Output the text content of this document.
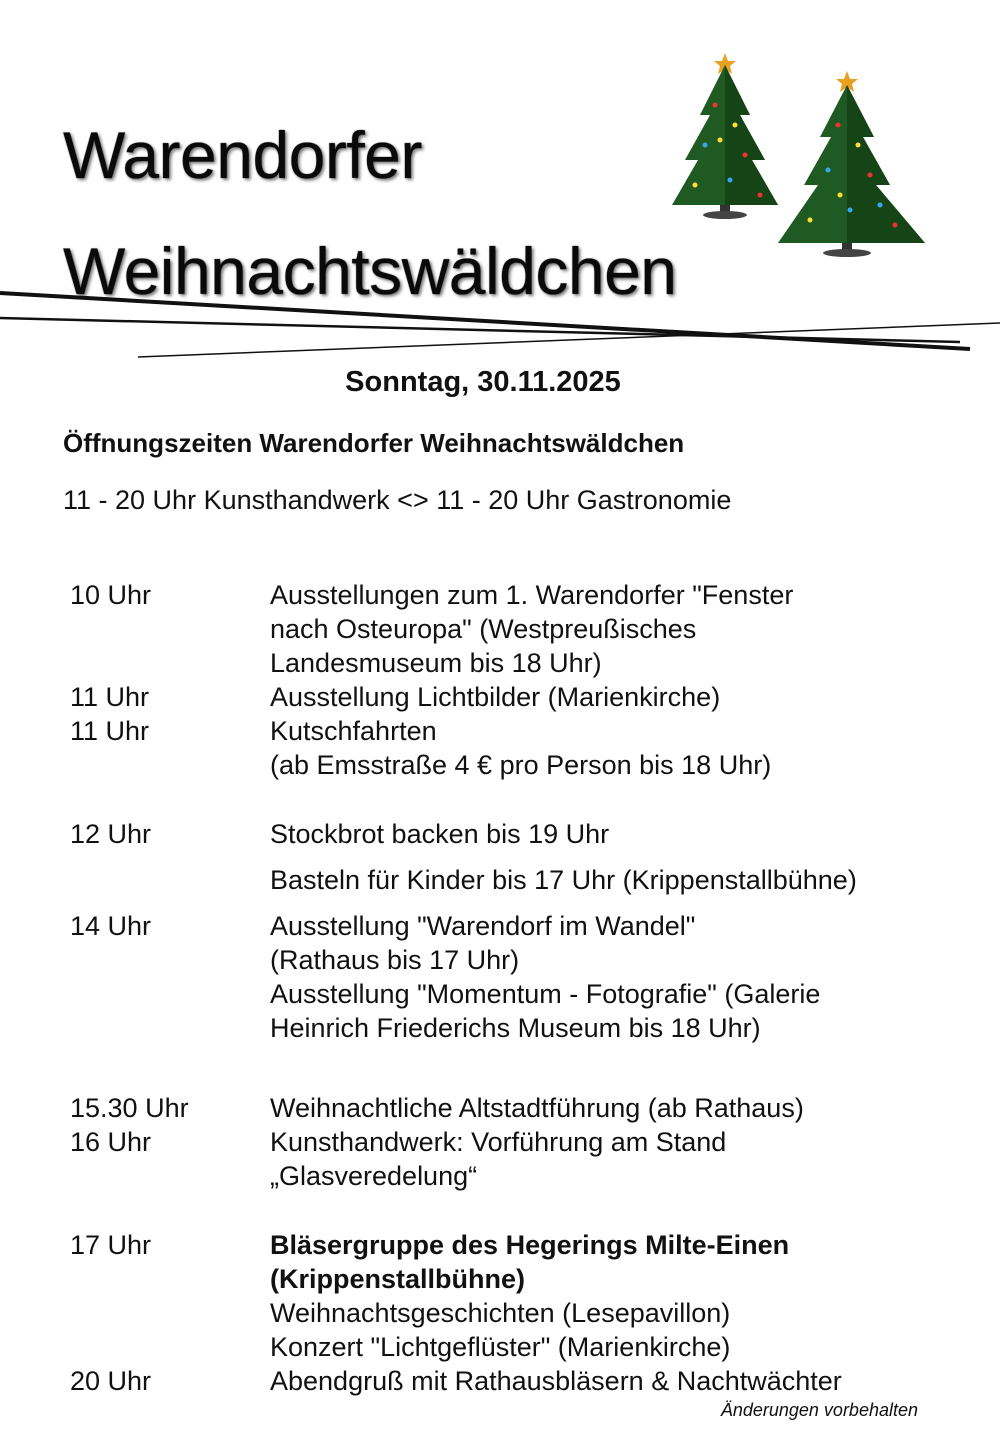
Warendorfer
Weihnachtswäldchen
Sonntag, 30.11.2025
Öffnungszeiten Warendorfer Weihnachtswäldchen
11 - 20 Uhr Kunsthandwerk <> 11 - 20 Uhr Gastronomie
10 Uhr	Ausstellungen zum 1. Warendorfer "Fenster
nach Osteuropa" (Westpreußisches
Landesmuseum bis 18 Uhr)
11 Uhr	Ausstellung Lichtbilder (Marienkirche)
11 Uhr	Kutschfahrten
(ab Emsstraße 4 € pro Person bis 18 Uhr)
12 Uhr	Stockbrot backen bis 19 Uhr
Basteln für Kinder bis 17 Uhr (Krippenstallbühne)
14 Uhr	Ausstellung "Warendorf im Wandel"
(Rathaus bis 17 Uhr)
Ausstellung "Momentum - Fotografie" (Galerie
Heinrich Friederichs Museum bis 18 Uhr)
15.30 Uhr	Weihnachtliche Altstadtführung (ab Rathaus)
16 Uhr	Kunsthandwerk: Vorführung am Stand
„Glasveredelung“
17 Uhr	Bläsergruppe des Hegerings Milte-Einen
(Krippenstallbühne)
Weihnachtsgeschichten (Lesepavillon)
Konzert "Lichtgeflüster" (Marienkirche)
20 Uhr	Abendgruß mit Rathausbläsern & Nachtwächter
Änderungen vorbehalten
